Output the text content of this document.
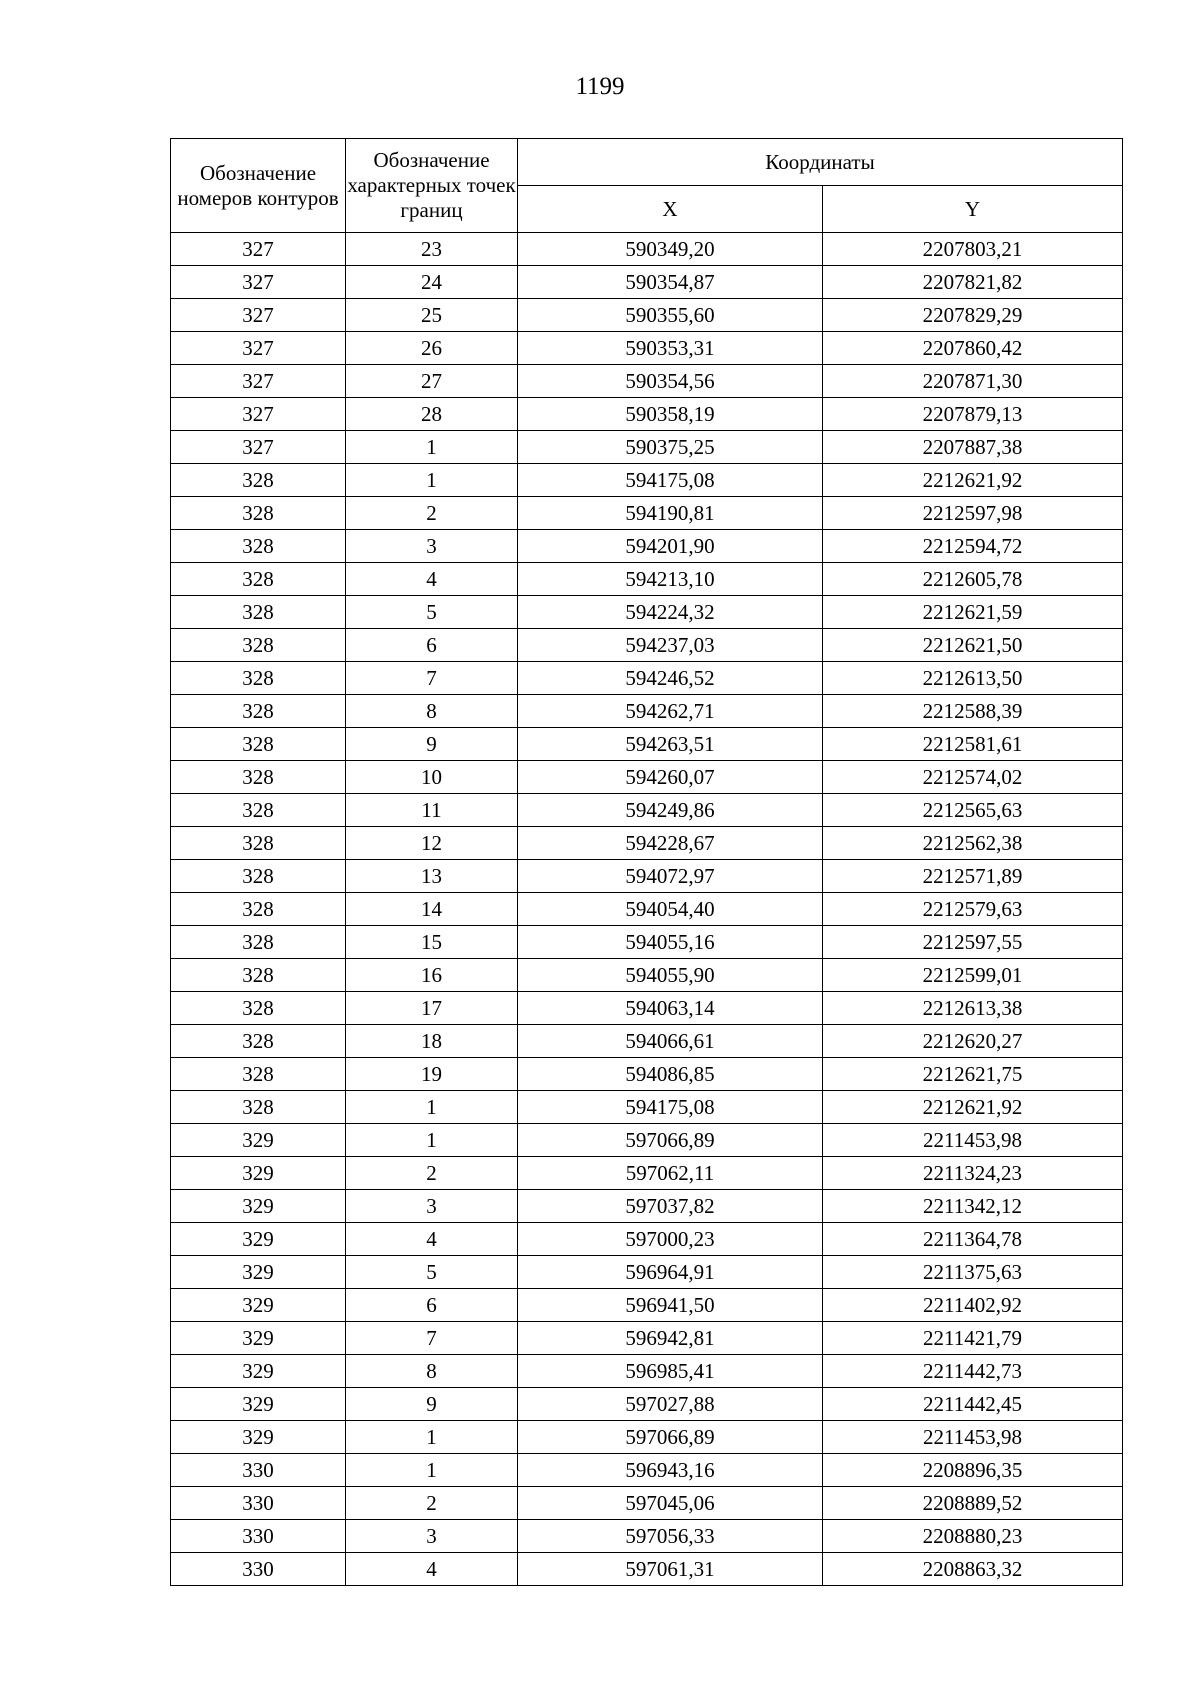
1199
Обозначение номеров контуров	Обозначение характерных точек границ	Координаты	
		X	Y
327	23	590349,20	2207803,21
327	24	590354,87	2207821,82
327	25	590355,60	2207829,29
327	26	590353,31	2207860,42
327	27	590354,56	2207871,30
327	28	590358,19	2207879,13
327	1	590375,25	2207887,38
328	1	594175,08	2212621,92
328	2	594190,81	2212597,98
328	3	594201,90	2212594,72
328	4	594213,10	2212605,78
328	5	594224,32	2212621,59
328	6	594237,03	2212621,50
328	7	594246,52	2212613,50
328	8	594262,71	2212588,39
328	9	594263,51	2212581,61
328	10	594260,07	2212574,02
328	11	594249,86	2212565,63
328	12	594228,67	2212562,38
328	13	594072,97	2212571,89
328	14	594054,40	2212579,63
328	15	594055,16	2212597,55
328	16	594055,90	2212599,01
328	17	594063,14	2212613,38
328	18	594066,61	2212620,27
328	19	594086,85	2212621,75
328	1	594175,08	2212621,92
329	1	597066,89	2211453,98
329	2	597062,11	2211324,23
329	3	597037,82	2211342,12
329	4	597000,23	2211364,78
329	5	596964,91	2211375,63
329	6	596941,50	2211402,92
329	7	596942,81	2211421,79
329	8	596985,41	2211442,73
329	9	597027,88	2211442,45
329	1	597066,89	2211453,98
330	1	596943,16	2208896,35
330	2	597045,06	2208889,52
330	3	597056,33	2208880,23
330	4	597061,31	2208863,32
